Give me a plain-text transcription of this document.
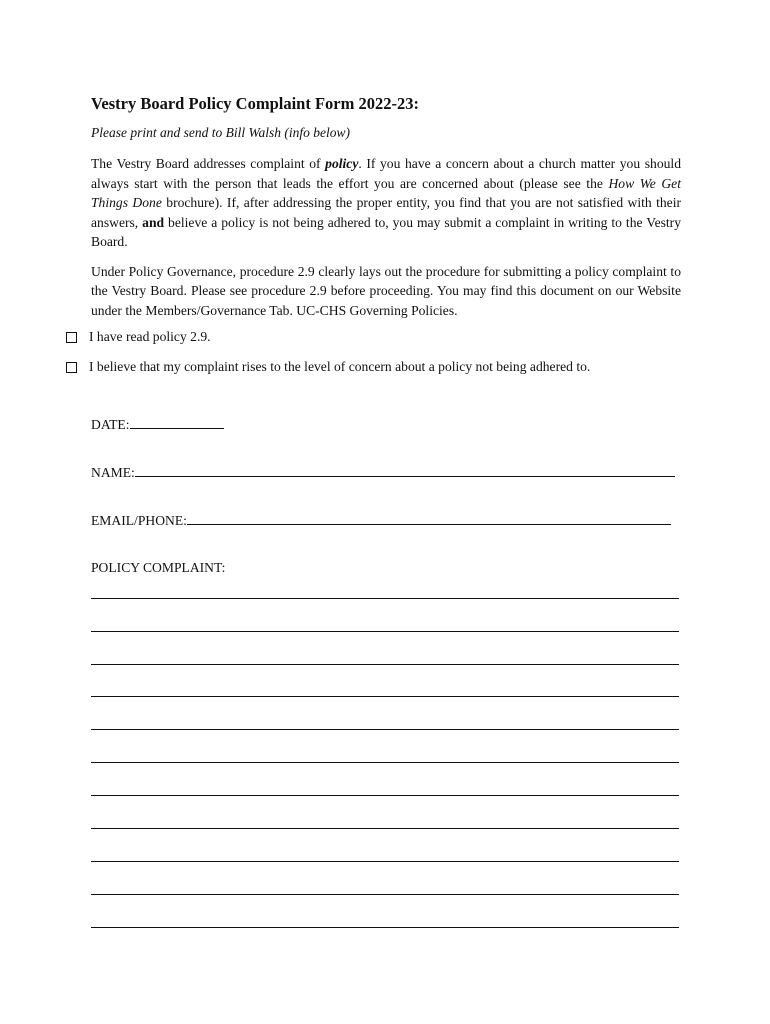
Vestry Board Policy Complaint Form 2022-23:
Please print and send to Bill Walsh (info below)

The Vestry Board addresses complaint of policy. If you have a concern about a church matter you should always start with the person that leads the effort you are concerned about (please see the How We Get Things Done brochure). If, after addressing the proper entity, you find that you are not satisfied with their answers, and believe a policy is not being adhered to, you may submit a complaint in writing to the Vestry Board.

Under Policy Governance, procedure 2.9 clearly lays out the procedure for submitting a policy complaint to the Vestry Board. Please see procedure 2.9 before proceeding. You may find this document on our Website under the Members/Governance Tab. UC-CHS Governing Policies.

I have read policy 2.9.
I believe that my complaint rises to the level of concern about a policy not being adhered to.
DATE:
NAME:
EMAIL/PHONE:
POLICY COMPLAINT:
